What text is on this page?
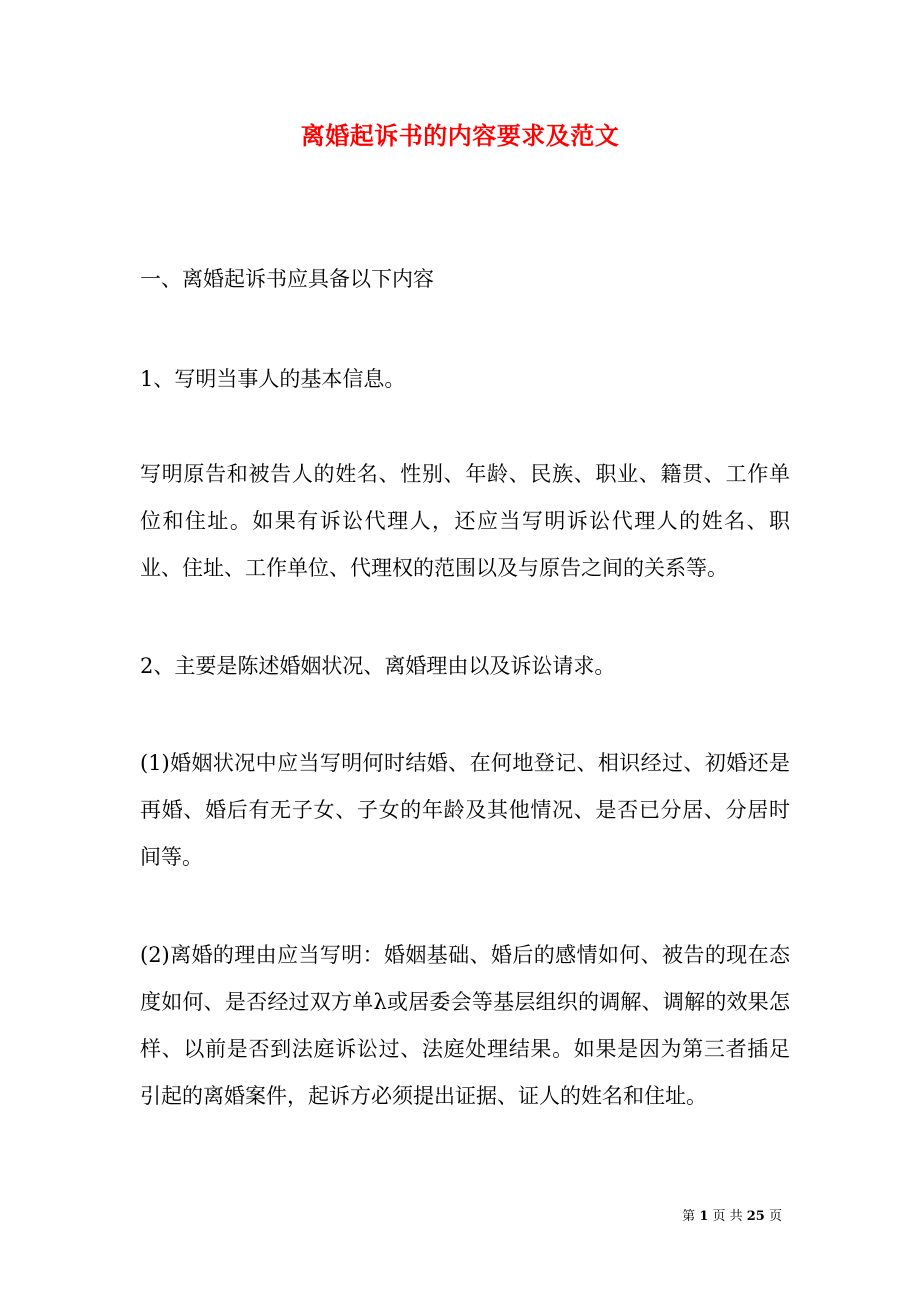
离婚起诉书的内容要求及范文

一、离婚起诉书应具备以下内容

1、写明当事人的基本信息。

写明原告和被告人的姓名、性别、年龄、民族、职业、籍贯、工作单位和住址。如果有诉讼代理人，还应当写明诉讼代理人的姓名、职业、住址、工作单位、代理权的范围以及与原告之间的关系等。

2、主要是陈述婚姻状况、离婚理由以及诉讼请求。

(1)婚姻状况中应当写明何时结婚、在何地登记、相识经过、初婚还是再婚、婚后有无子女、子女的年龄及其他情况、是否已分居、分居时间等。

(2)离婚的理由应当写明：婚姻基础、婚后的感情如何、被告的现在态度如何、是否经过双方单λ或居委会等基层组织的调解、调解的效果怎样、以前是否到法庭诉讼过、法庭处理结果。如果是因为第三者插足引起的离婚案件，起诉方必须提出证据、证人的姓名和住址。

第 1 页 共 25 页
